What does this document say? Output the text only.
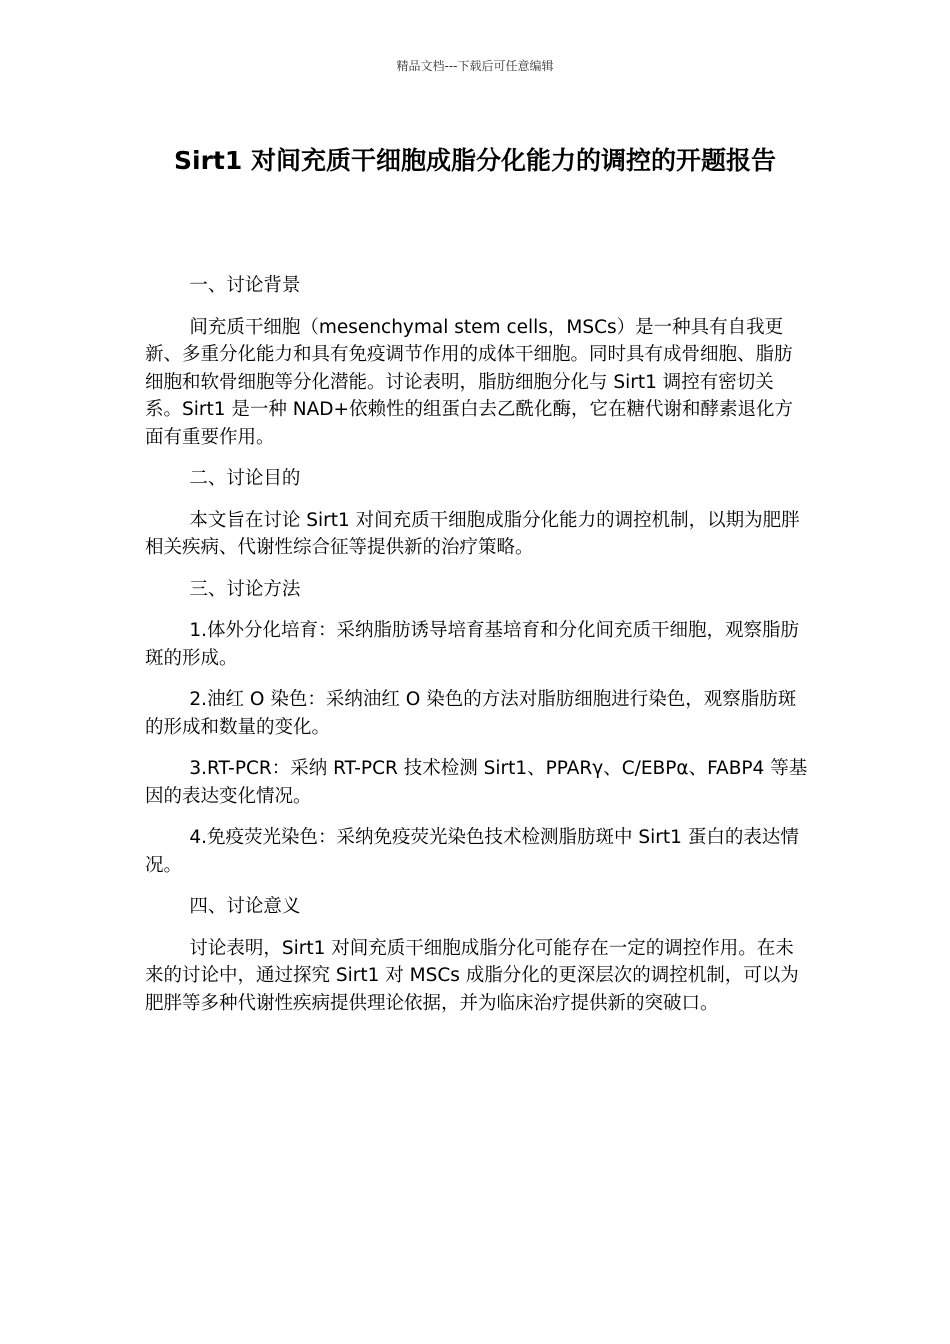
精品文档---下载后可任意编辑
Sirt1 对间充质干细胞成脂分化能力的调控的开题报告

一、讨论背景

间充质干细胞（mesenchymal stem cells，MSCs）是一种具有自我更新、多重分化能力和具有免疫调节作用的成体干细胞。同时具有成骨细胞、脂肪细胞和软骨细胞等分化潜能。讨论表明，脂肪细胞分化与 Sirt1 调控有密切关系。Sirt1 是一种 NAD+依赖性的组蛋白去乙酰化酶，它在糖代谢和酵素退化方面有重要作用。

二、讨论目的

本文旨在讨论 Sirt1 对间充质干细胞成脂分化能力的调控机制，以期为肥胖相关疾病、代谢性综合征等提供新的治疗策略。

三、讨论方法

1.体外分化培育：采纳脂肪诱导培育基培育和分化间充质干细胞，观察脂肪斑的形成。

2.油红 O 染色：采纳油红 O 染色的方法对脂肪细胞进行染色，观察脂肪斑的形成和数量的变化。

3.RT-PCR：采纳 RT-PCR 技术检测 Sirt1、PPARγ、C/EBPα、FABP4 等基因的表达变化情况。

4.免疫荧光染色：采纳免疫荧光染色技术检测脂肪斑中 Sirt1 蛋白的表达情况。

四、讨论意义

讨论表明，Sirt1 对间充质干细胞成脂分化可能存在一定的调控作用。在未来的讨论中，通过探究 Sirt1 对 MSCs 成脂分化的更深层次的调控机制，可以为肥胖等多种代谢性疾病提供理论依据，并为临床治疗提供新的突破口。
